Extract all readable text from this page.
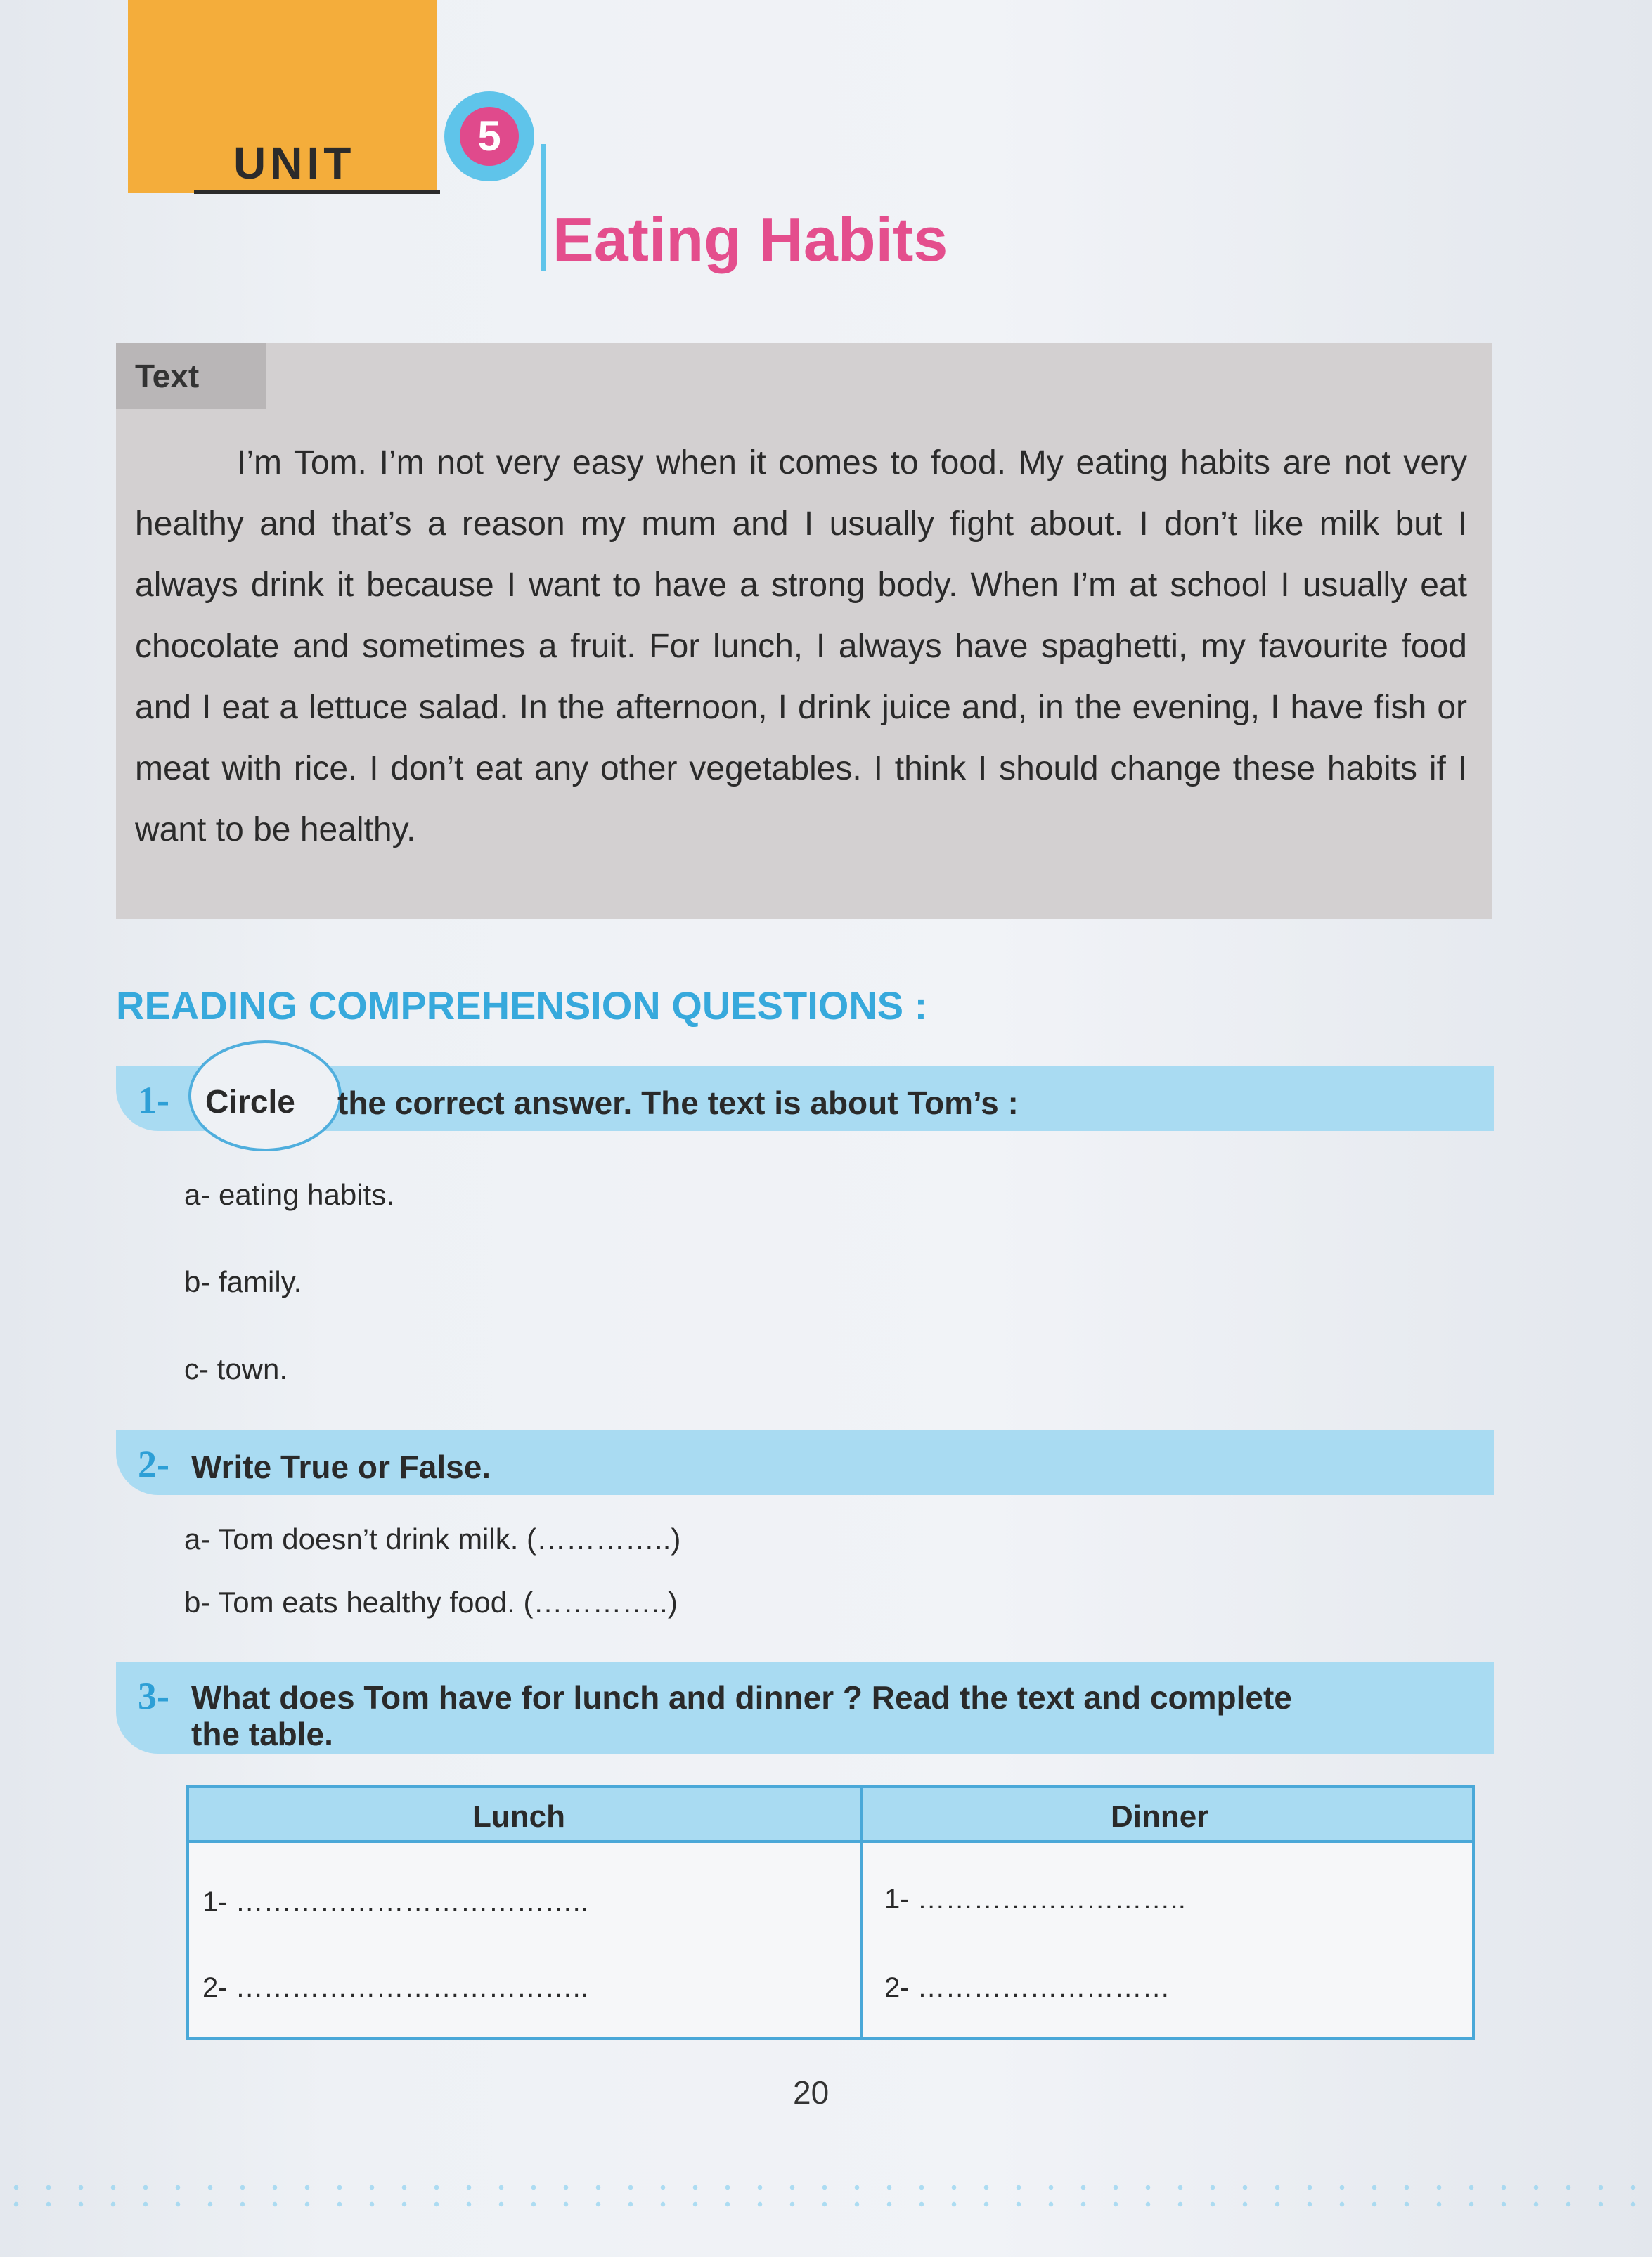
UNIT
5
Eating Habits
Text

I’m Tom. I’m not very easy when it comes to food. My eating habits are not very healthy and that’s a reason my mum and I usually fight about. I don’t like milk but I always drink it because I want to have a strong body. When I’m at school I usually eat chocolate and sometimes a fruit. For lunch, I always have spaghetti, my favourite food and I eat a lettuce salad. In the afternoon, I drink juice and, in the evening, I have fish or meat with rice. I don’t eat any other vegetables. I think I should change these habits if I want to be healthy.

READING COMPREHENSION QUESTIONS :
1- Circle the correct answer. The text is about Tom’s :
a- eating habits.
b- family.
c- town.
2- Write True or False.
a- Tom doesn’t drink milk. (…………..)
b- Tom eats healthy food. (…………..)
3- What does Tom have for lunch and dinner ? Read the text and complete
the table.
Lunch	Dinner
1- ………………………………..	1- ………………………..
2- ………………………………..	2- ………………………
20
